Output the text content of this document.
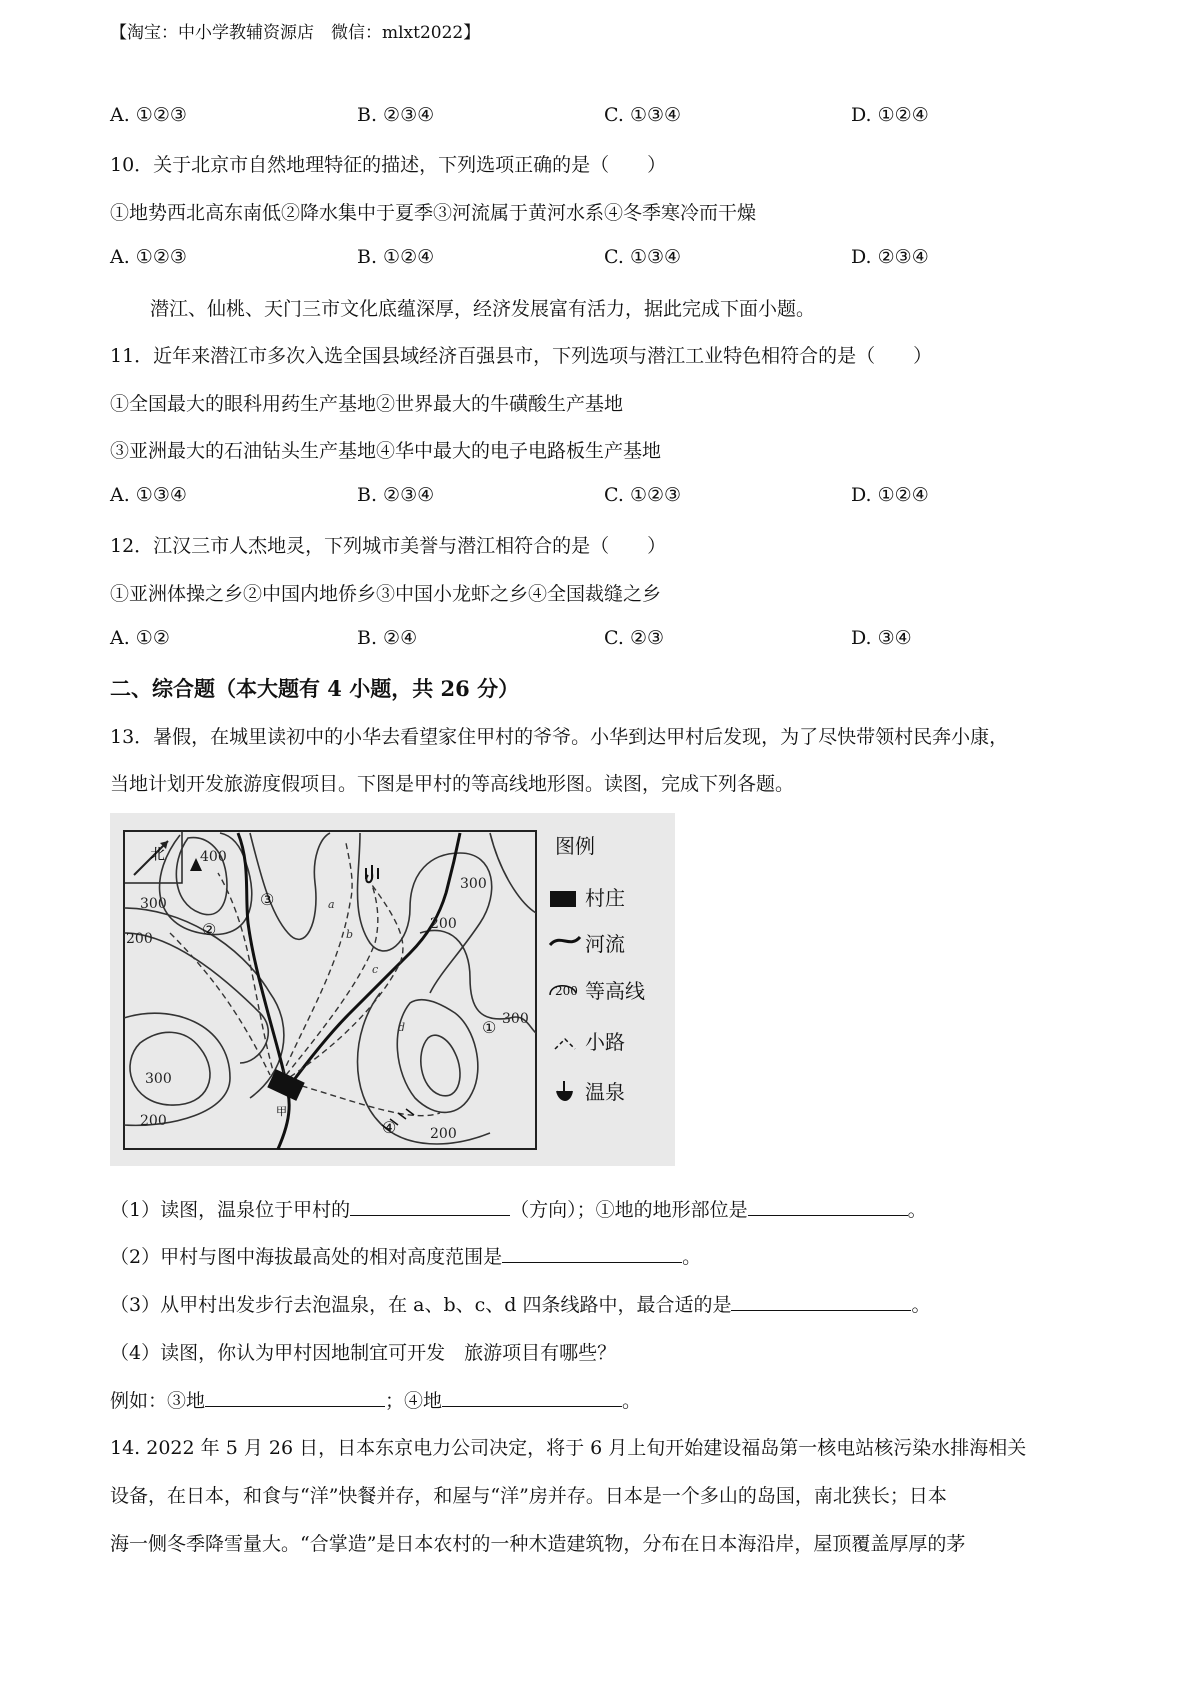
【淘宝：中小学教辅资源店　微信：mlxt2022】
A. ①②③	B. ②③④	C. ①③④	D. ①②④
10．关于北京市自然地理特征的描述，下列选项正确的是（　　）
①地势西北高东南低②降水集中于夏季③河流属于黄河水系④冬季寒冷而干燥
A. ①②③	B. ①②④	C. ①③④	D. ②③④
潜江、仙桃、天门三市文化底蕴深厚，经济发展富有活力，据此完成下面小题。
11．近年来潜江市多次入选全国县域经济百强县市，下列选项与潜江工业特色相符合的是（　　）
①全国最大的眼科用药生产基地②世界最大的牛磺酸生产基地
③亚洲最大的石油钻头生产基地④华中最大的电子电路板生产基地
A. ①③④	B. ②③④	C. ①②③	D. ①②④
12．江汉三市人杰地灵，下列城市美誉与潜江相符合的是（　　）
①亚洲体操之乡②中国内地侨乡③中国小龙虾之乡④全国裁缝之乡
A. ①②	B. ②④	C. ②③	D. ③④
二、综合题（本大题有 4 小题，共 26 分）
13．暑假，在城里读初中的小华去看望家住甲村的爷爷。小华到达甲村后发现，为了尽快带领村民奔小康，
当地计划开发旅游度假项目。下图是甲村的等高线地形图。读图，完成下列各题。
北
甲
400
300
200
300
200
300
200
300
200
①
②
③
④
a
b
c
d
图例
村庄
河流
200 等高线
小路
温泉
（1）读图，温泉位于甲村的	（方向）；①地的地形部位是	。
（2）甲村与图中海拔最高处的相对高度范围是	。
（3）从甲村出发步行去泡温泉，在 a、b、c、d 四条线路中，最合适的是	。
（4）读图，你认为甲村因地制宜可开发　旅游项目有哪些？
例如：③地	；④地	。
14. 2022 年 5 月 26 日，日本东京电力公司决定，将于 6 月上旬开始建设福岛第一核电站核污染水排海相关
设备，在日本，和食与“洋”快餐并存，和屋与“洋”房并存。日本是一个多山的岛国，南北狭长；日本
海一侧冬季降雪量大。“合掌造”是日本农村的一种木造建筑物，分布在日本海沿岸，屋顶覆盖厚厚的茅
